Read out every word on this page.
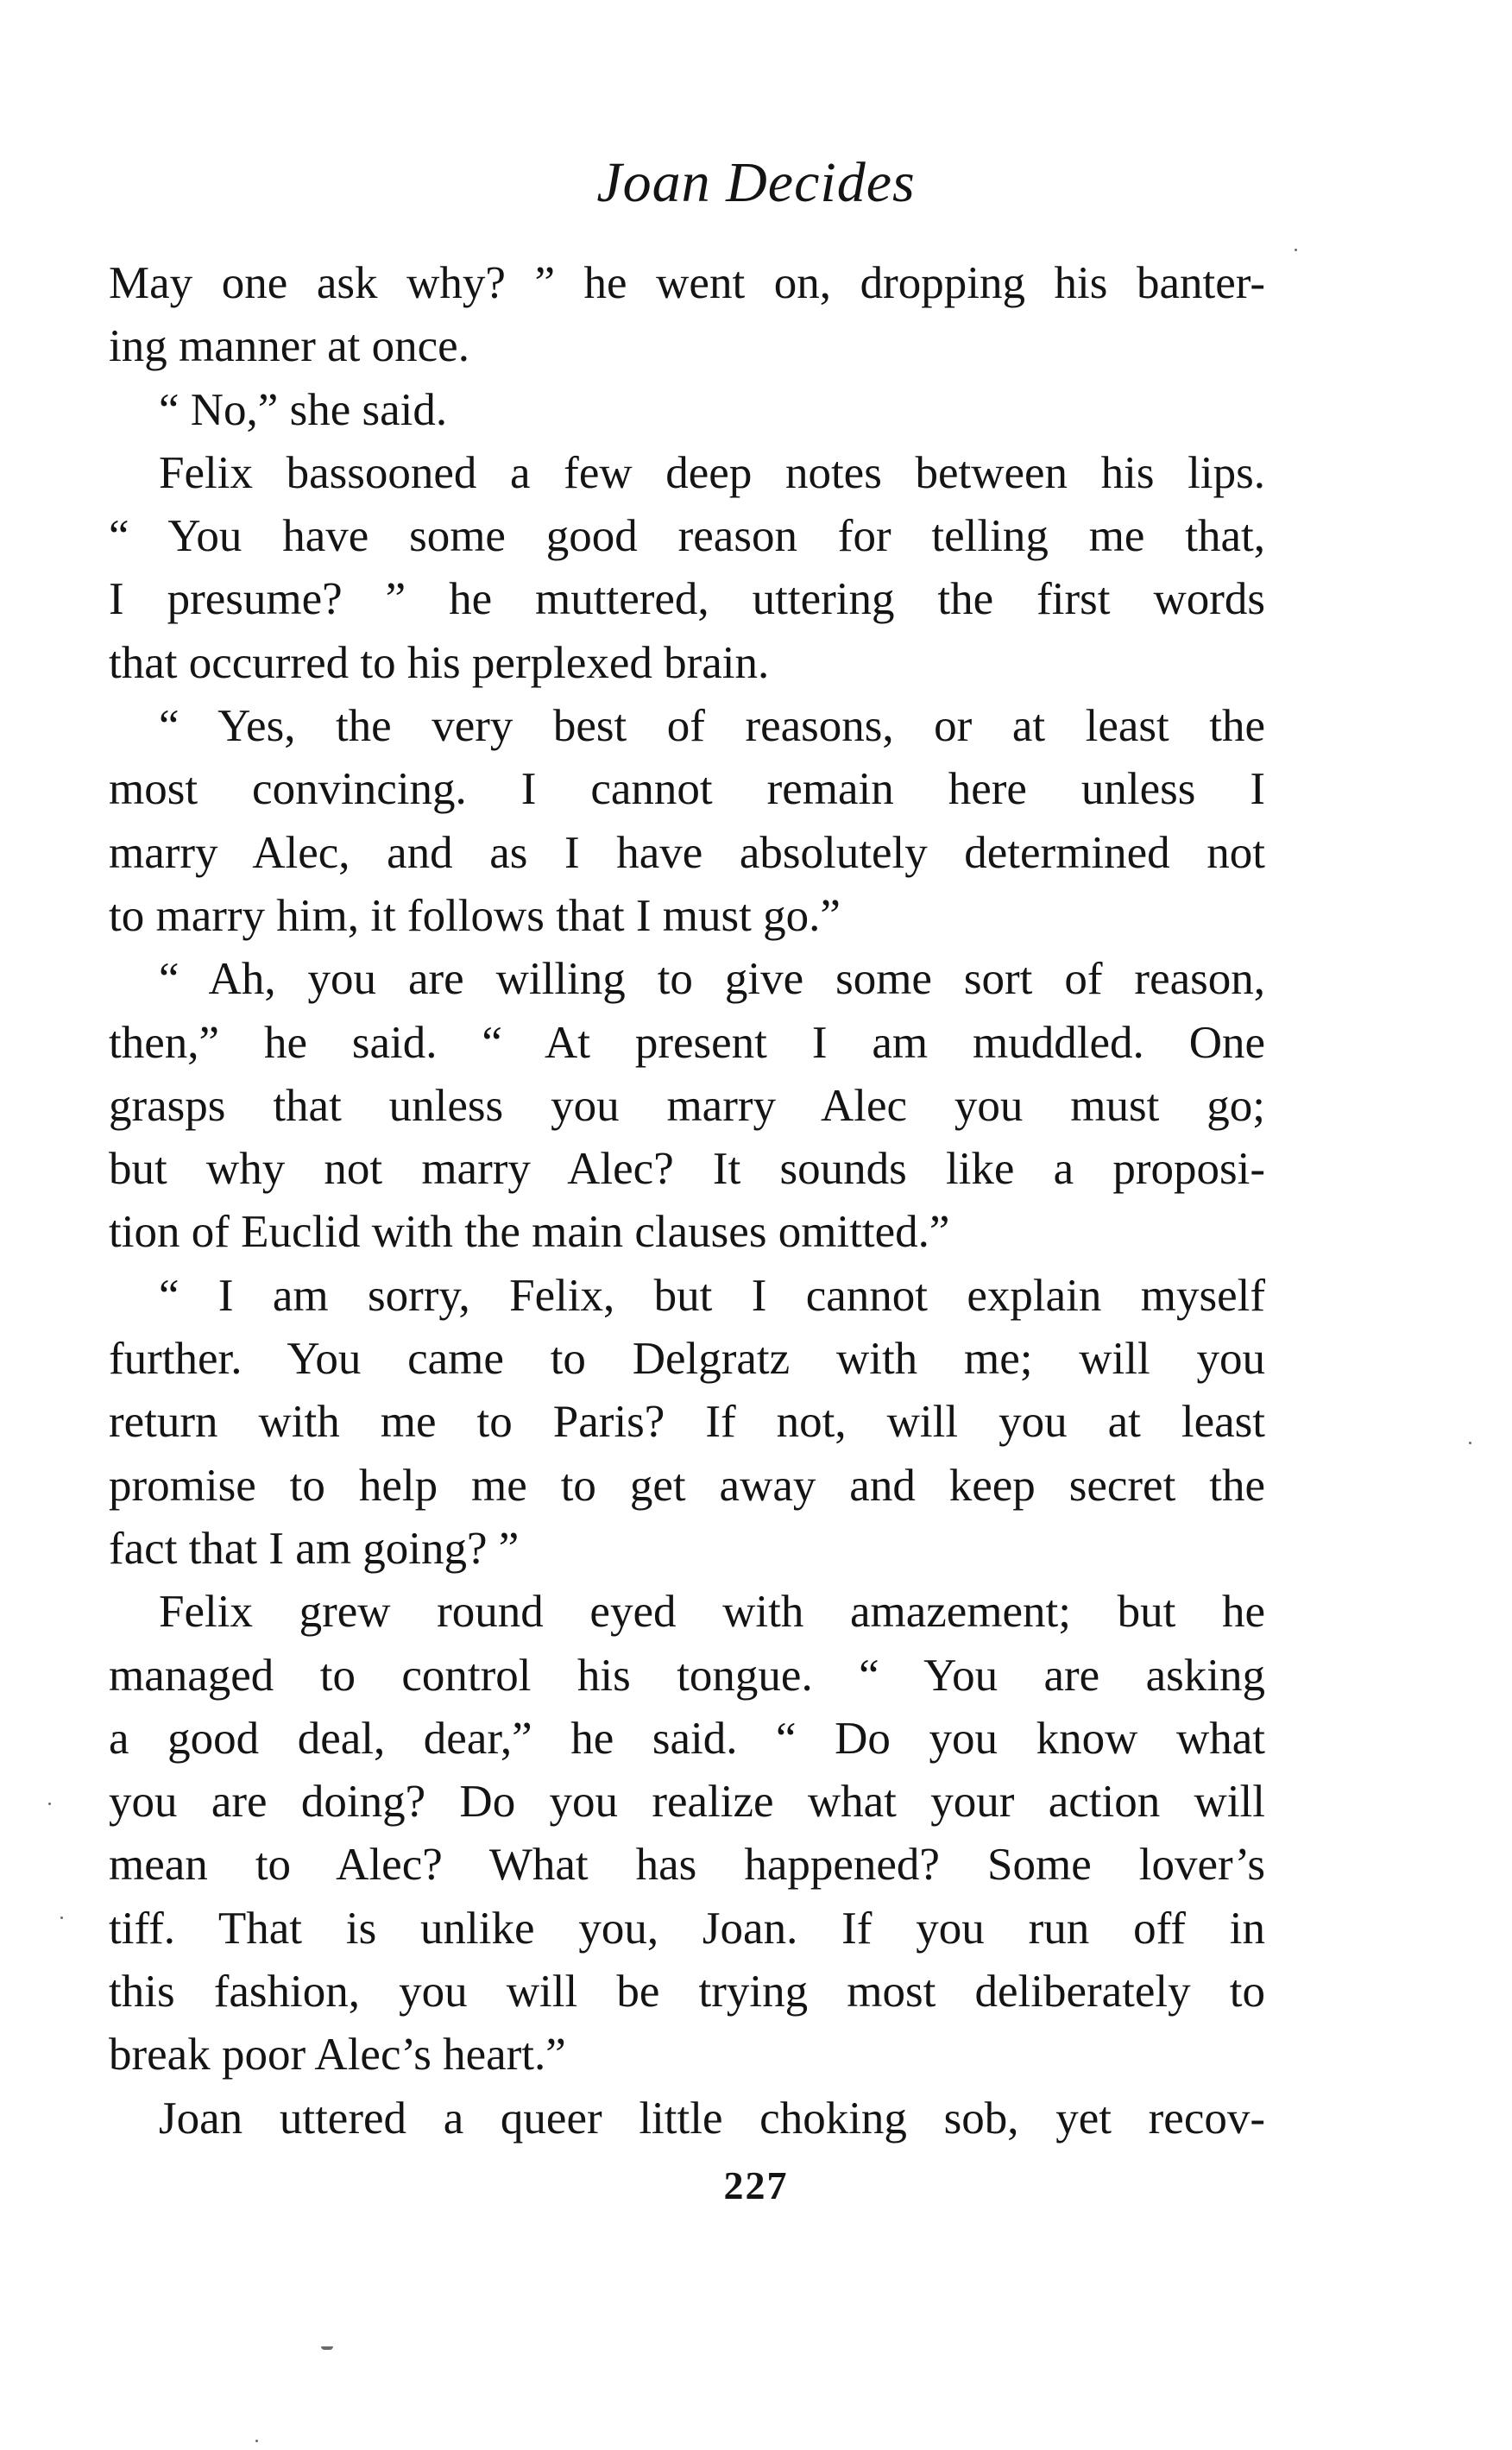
Joan Decides
May one ask why? ” he went on, dropping his banter-
ing manner at once.
“ No,” she said.
Felix bassooned a few deep notes between his lips.
“ You have some good reason for telling me that,
I presume? ” he muttered, uttering the first words
that occurred to his perplexed brain.
“ Yes, the very best of reasons, or at least the
most convincing. I cannot remain here unless I
marry Alec, and as I have absolutely determined not
to marry him, it follows that I must go.”
“ Ah, you are willing to give some sort of reason,
then,” he said. “ At present I am muddled. One
grasps that unless you marry Alec you must go;
but why not marry Alec? It sounds like a proposi-
tion of Euclid with the main clauses omitted.”
“ I am sorry, Felix, but I cannot explain myself
further. You came to Delgratz with me; will you
return with me to Paris? If not, will you at least
promise to help me to get away and keep secret the
fact that I am going? ”
Felix grew round eyed with amazement; but he
managed to control his tongue. “ You are asking
a good deal, dear,” he said. “ Do you know what
you are doing? Do you realize what your action will
mean to Alec? What has happened? Some lover’s
tiff. That is unlike you, Joan. If you run off in
this fashion, you will be trying most deliberately to
break poor Alec’s heart.”
Joan uttered a queer little choking sob, yet recov-
227
